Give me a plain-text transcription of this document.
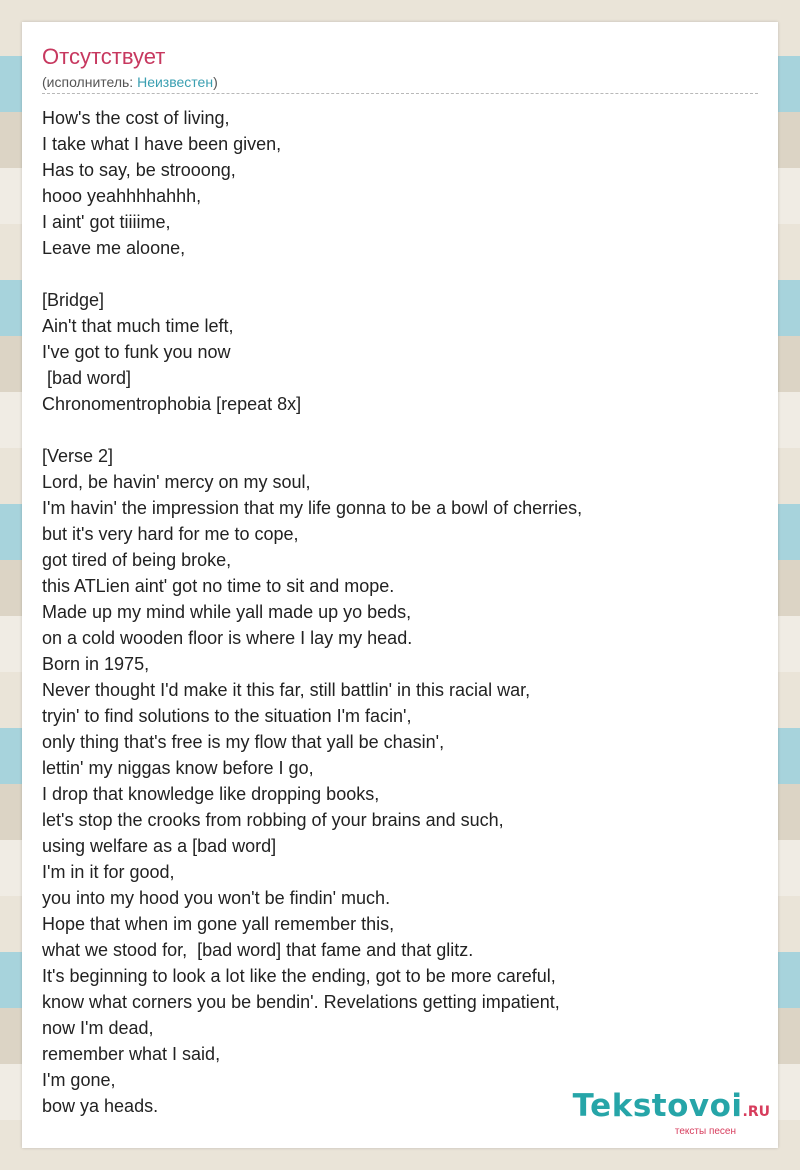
Отсутствует
(исполнитель: Неизвестен)
How's the cost of living,
I take what I have been given,
Has to say, be strooong,
hooo yeahhhhahhh,
I aint' got tiiiime,
Leave me aloone,

[Bridge]
Ain't that much time left,
I've got to funk you now
[bad word]
Chronomentrophobia [repeat 8x]

[Verse 2]
Lord, be havin' mercy on my soul,
I'm havin' the impression that my life gonna to be a bowl of cherries,
but it's very hard for me to cope,
got tired of being broke,
this ATLien aint' got no time to sit and mope.
Made up my mind while yall made up yo beds,
on a cold wooden floor is where I lay my head.
Born in 1975,
Never thought I'd make it this far, still battlin' in this racial war,
tryin' to find solutions to the situation I'm facin',
only thing that's free is my flow that yall be chasin',
lettin' my niggas know before I go,
I drop that knowledge like dropping books,
let's stop the crooks from robbing of your brains and such,
using welfare as a [bad word]
I'm in it for good,
you into my hood you won't be findin' much.
Hope that when im gone yall remember this,
what we stood for,  [bad word] that fame and that glitz.
It's beginning to look a lot like the ending, got to be more careful,
know what corners you be bendin'. Revelations getting impatient,
now I'm dead,
remember what I said,
I'm gone,
bow ya heads.	Tekstovoi.RU
тексты песен
